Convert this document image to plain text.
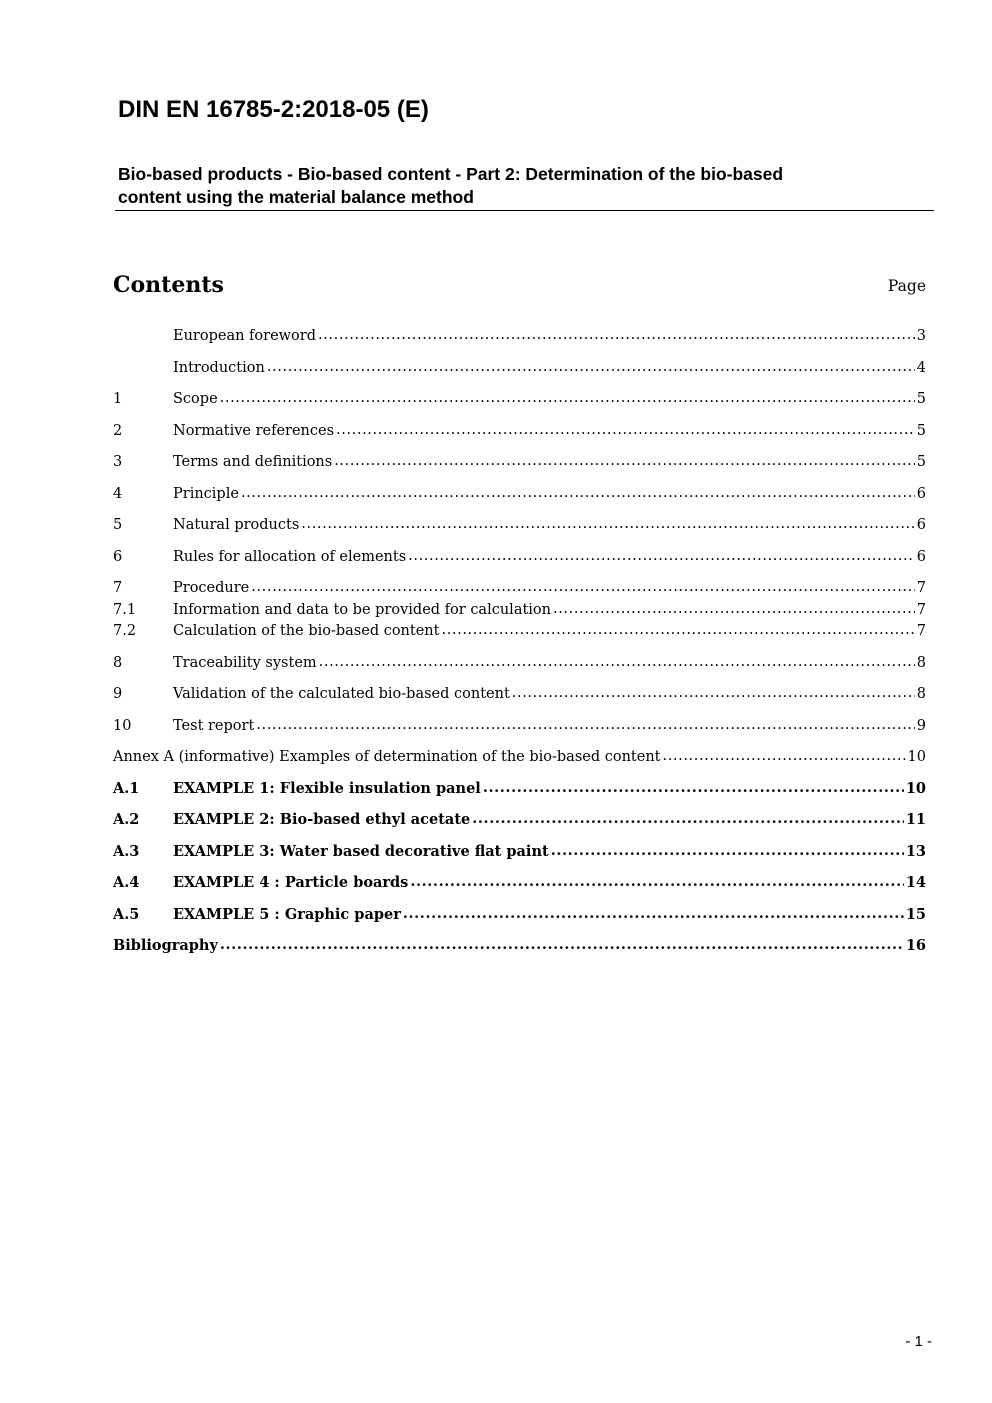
DIN EN 16785-2:2018-05 (E)
Bio-based products - Bio-based content - Part 2: Determination of the bio-based
content using the material balance method
Contents	Page
European foreword .....	3
Introduction .....	4
1	Scope .....	5
2	Normative references .....	5
3	Terms and definitions .....	5
4	Principle .....	6
5	Natural products .....	6
6	Rules for allocation of elements .....	6
7	Procedure .....	7
7.1	Information and data to be provided for calculation .....	7
7.2	Calculation of the bio-based content .....	7
8	Traceability system .....	8
9	Validation of the calculated bio-based content .....	8
10	Test report .....	9
Annex A (informative) Examples of determination of the bio-based content .....	10
A.1	EXAMPLE 1: Flexible insulation panel .....	10
A.2	EXAMPLE 2: Bio-based ethyl acetate .....	11
A.3	EXAMPLE 3: Water based decorative flat paint .....	13
A.4	EXAMPLE 4 : Particle boards .....	14
A.5	EXAMPLE 5 : Graphic paper .....	15
Bibliography .....	16
- 1 -
